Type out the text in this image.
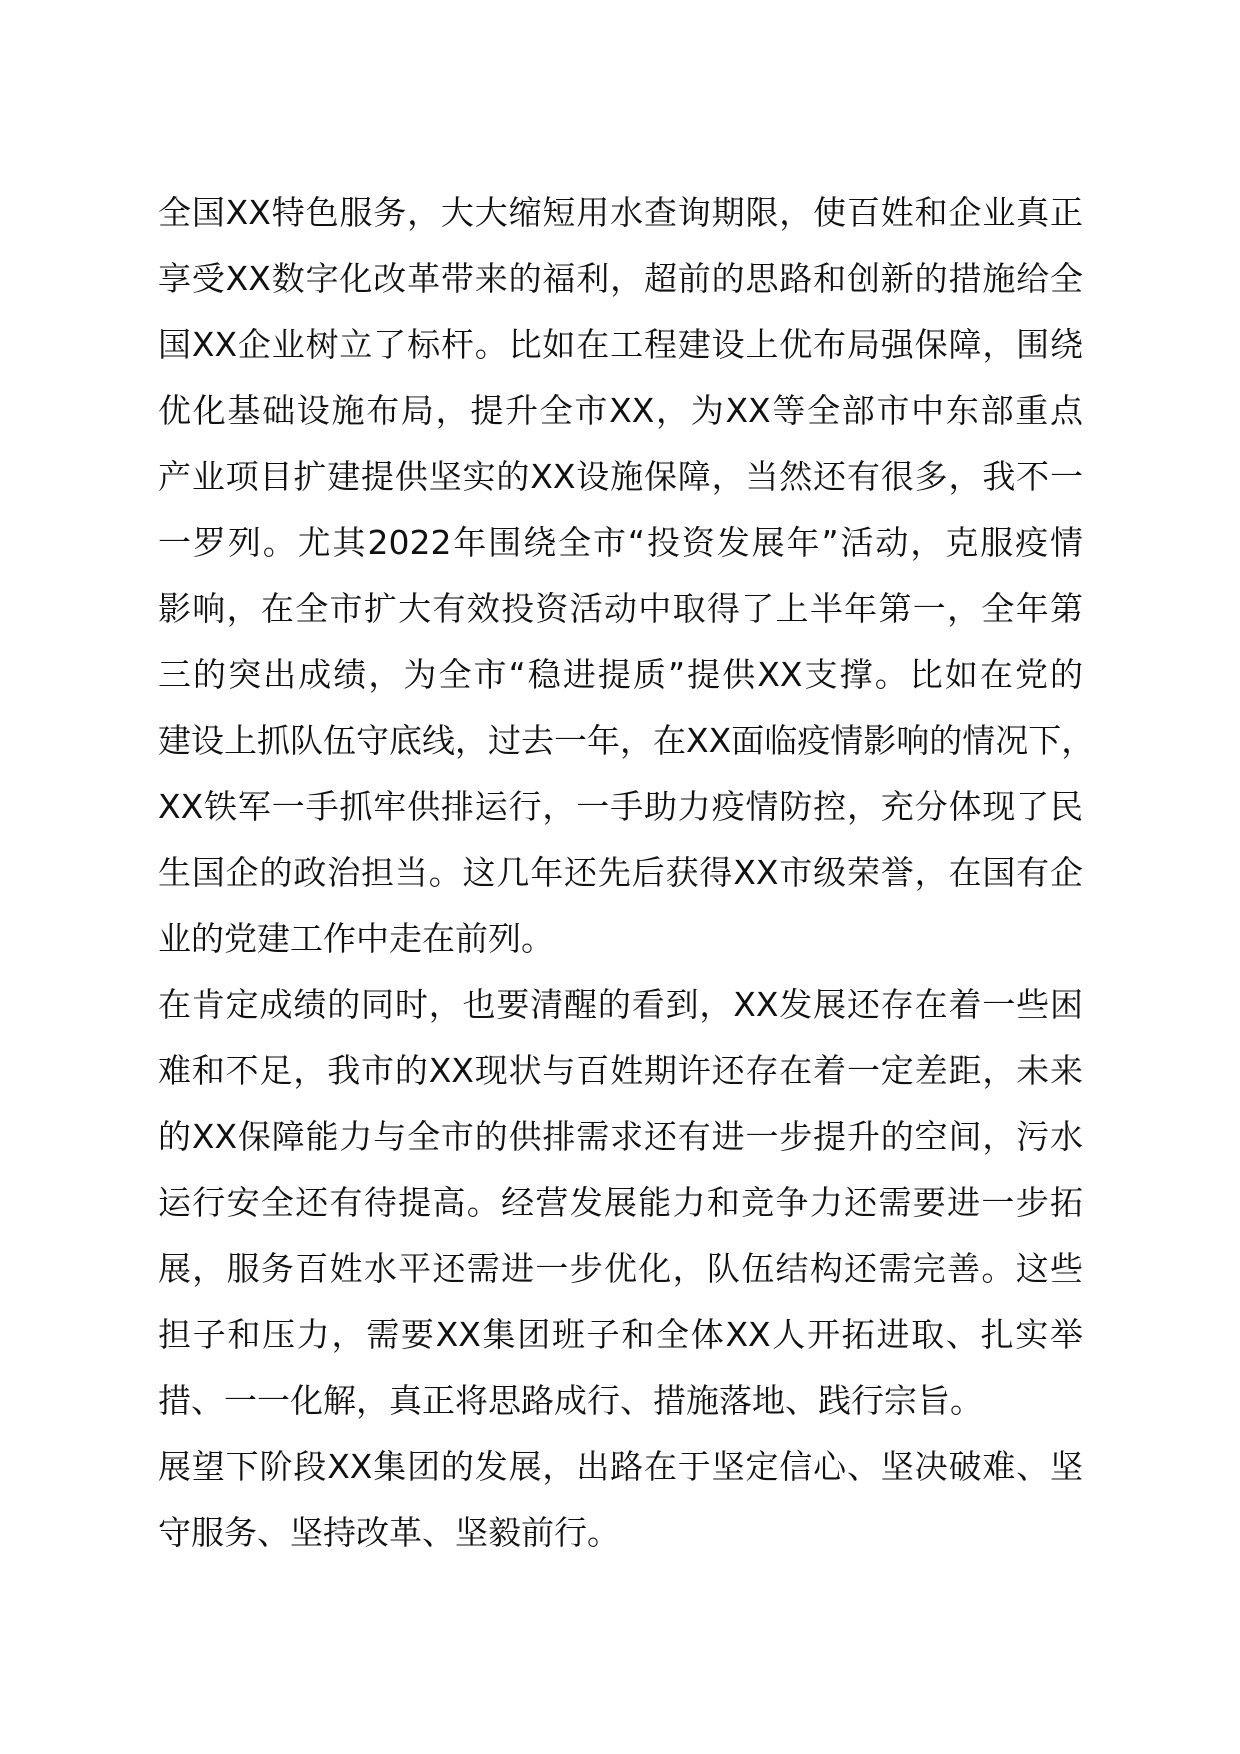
全国XX特色服务，大大缩短用水查询期限，使百姓和企业真正
享受XX数字化改革带来的福利，超前的思路和创新的措施给全
国XX企业树立了标杆。比如在工程建设上优布局强保障，围绕
优化基础设施布局，提升全市XX，为XX等全部市中东部重点
产业项目扩建提供坚实的XX设施保障，当然还有很多，我不一
一罗列。尤其2022年围绕全市“投资发展年”活动，克服疫情
影响，在全市扩大有效投资活动中取得了上半年第一，全年第
三的突出成绩，为全市“稳进提质”提供XX支撑。比如在党的
建设上抓队伍守底线，过去一年，在XX面临疫情影响的情况下，
XX铁军一手抓牢供排运行，一手助力疫情防控，充分体现了民
生国企的政治担当。这几年还先后获得XX市级荣誉，在国有企
业的党建工作中走在前列。
在肯定成绩的同时，也要清醒的看到，XX发展还存在着一些困
难和不足，我市的XX现状与百姓期许还存在着一定差距，未来
的XX保障能力与全市的供排需求还有进一步提升的空间，污水
运行安全还有待提高。经营发展能力和竞争力还需要进一步拓
展，服务百姓水平还需进一步优化，队伍结构还需完善。这些
担子和压力，需要XX集团班子和全体XX人开拓进取、扎实举
措、一一化解，真正将思路成行、措施落地、践行宗旨。
展望下阶段XX集团的发展，出路在于坚定信心、坚决破难、坚
守服务、坚持改革、坚毅前行。
